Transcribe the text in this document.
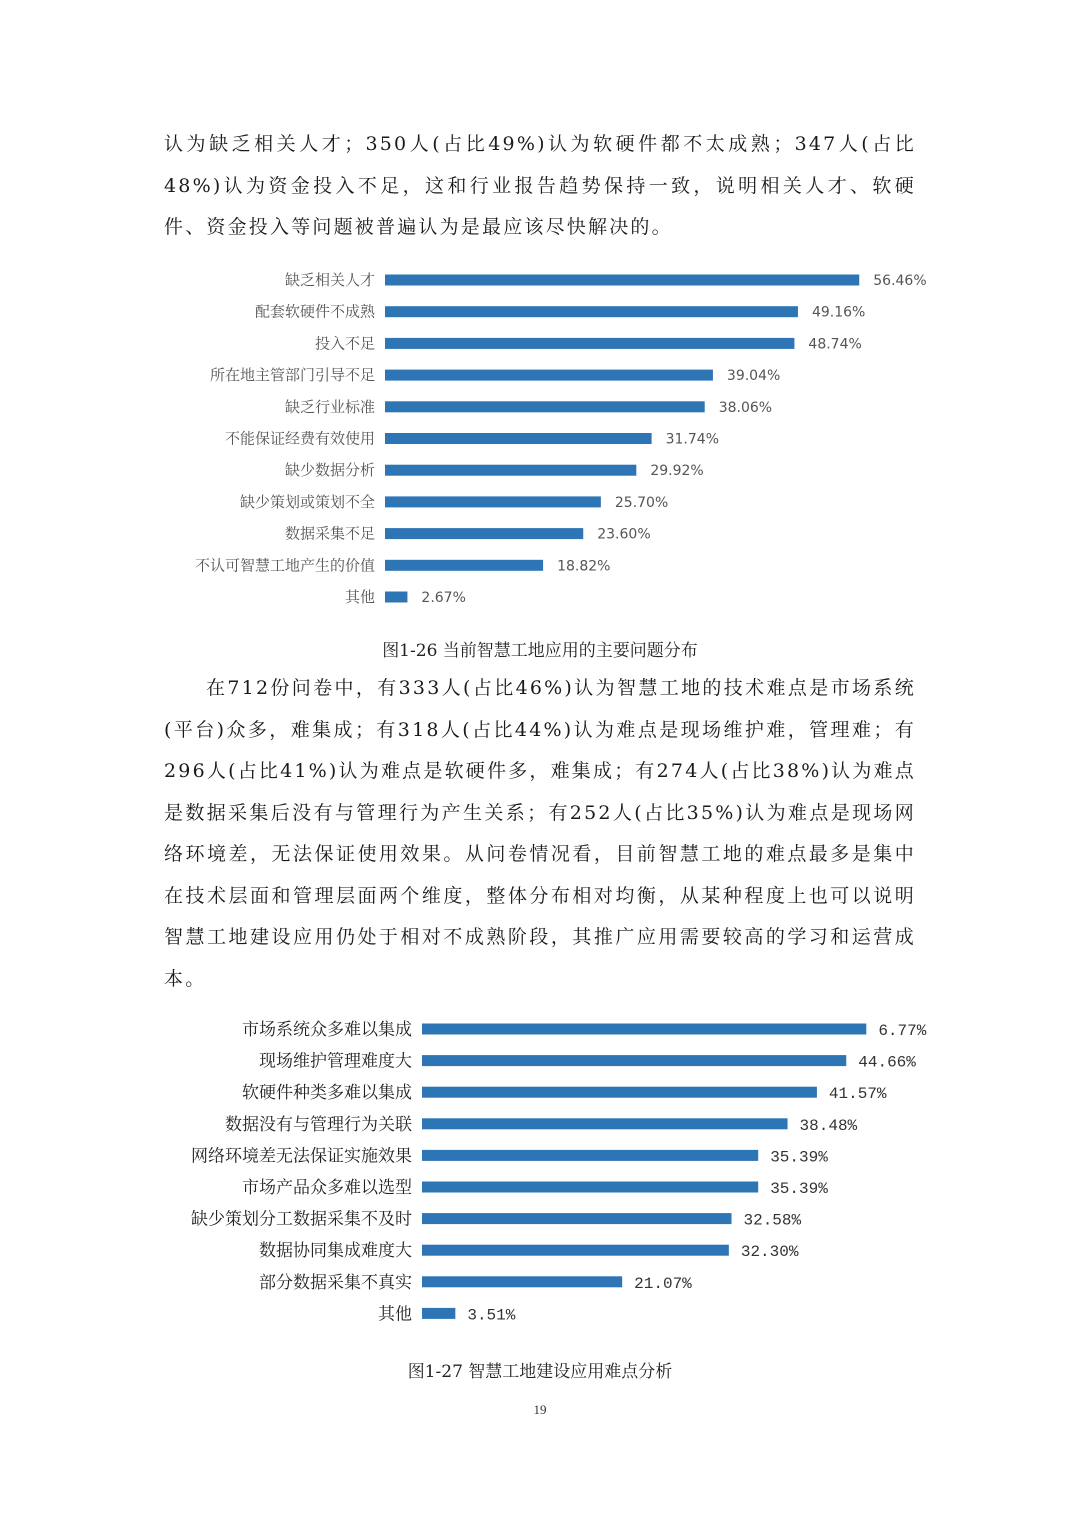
认为缺乏相关人才；350人(占比49%)认为软硬件都不太成熟；347人(占比48%)认为资金投入不足，这和行业报告趋势保持一致，说明相关人才、软硬件、资金投入等问题被普遍认为是最应该尽快解决的。

缺乏相关人才	56.46%
配套软硬件不成熟	49.16%
投入不足	48.74%
所在地主管部门引导不足	39.04%
缺乏行业标准	38.06%
不能保证经费有效使用	31.74%
缺少数据分析	29.92%
缺少策划或策划不全	25.70%
数据采集不足	23.60%
不认可智慧工地产生的价值	18.82%
其他	2.67%
图1-26 当前智慧工地应用的主要问题分布

在712份问卷中，有333人(占比46%)认为智慧工地的技术难点是市场系统(平台)众多，难集成；有318人(占比44%)认为难点是现场维护难，管理难；有296人(占比41%)认为难点是软硬件多，难集成；有274人(占比38%)认为难点是数据采集后没有与管理行为产生关系；有252人(占比35%)认为难点是现场网络环境差，无法保证使用效果。从问卷情况看，目前智慧工地的难点最多是集中在技术层面和管理层面两个维度，整体分布相对均衡，从某种程度上也可以说明智慧工地建设应用仍处于相对不成熟阶段，其推广应用需要较高的学习和运营成本。

市场系统众多难以集成	6.77%
现场维护管理难度大	44.66%
软硬件种类多难以集成	41.57%
数据没有与管理行为关联	38.48%
网络环境差无法保证实施效果	35.39%
市场产品众多难以选型	35.39%
缺少策划分工数据采集不及时	32.58%
数据协同集成难度大	32.30%
部分数据采集不真实	21.07%
其他	3.51%
图1-27 智慧工地建设应用难点分析
19
